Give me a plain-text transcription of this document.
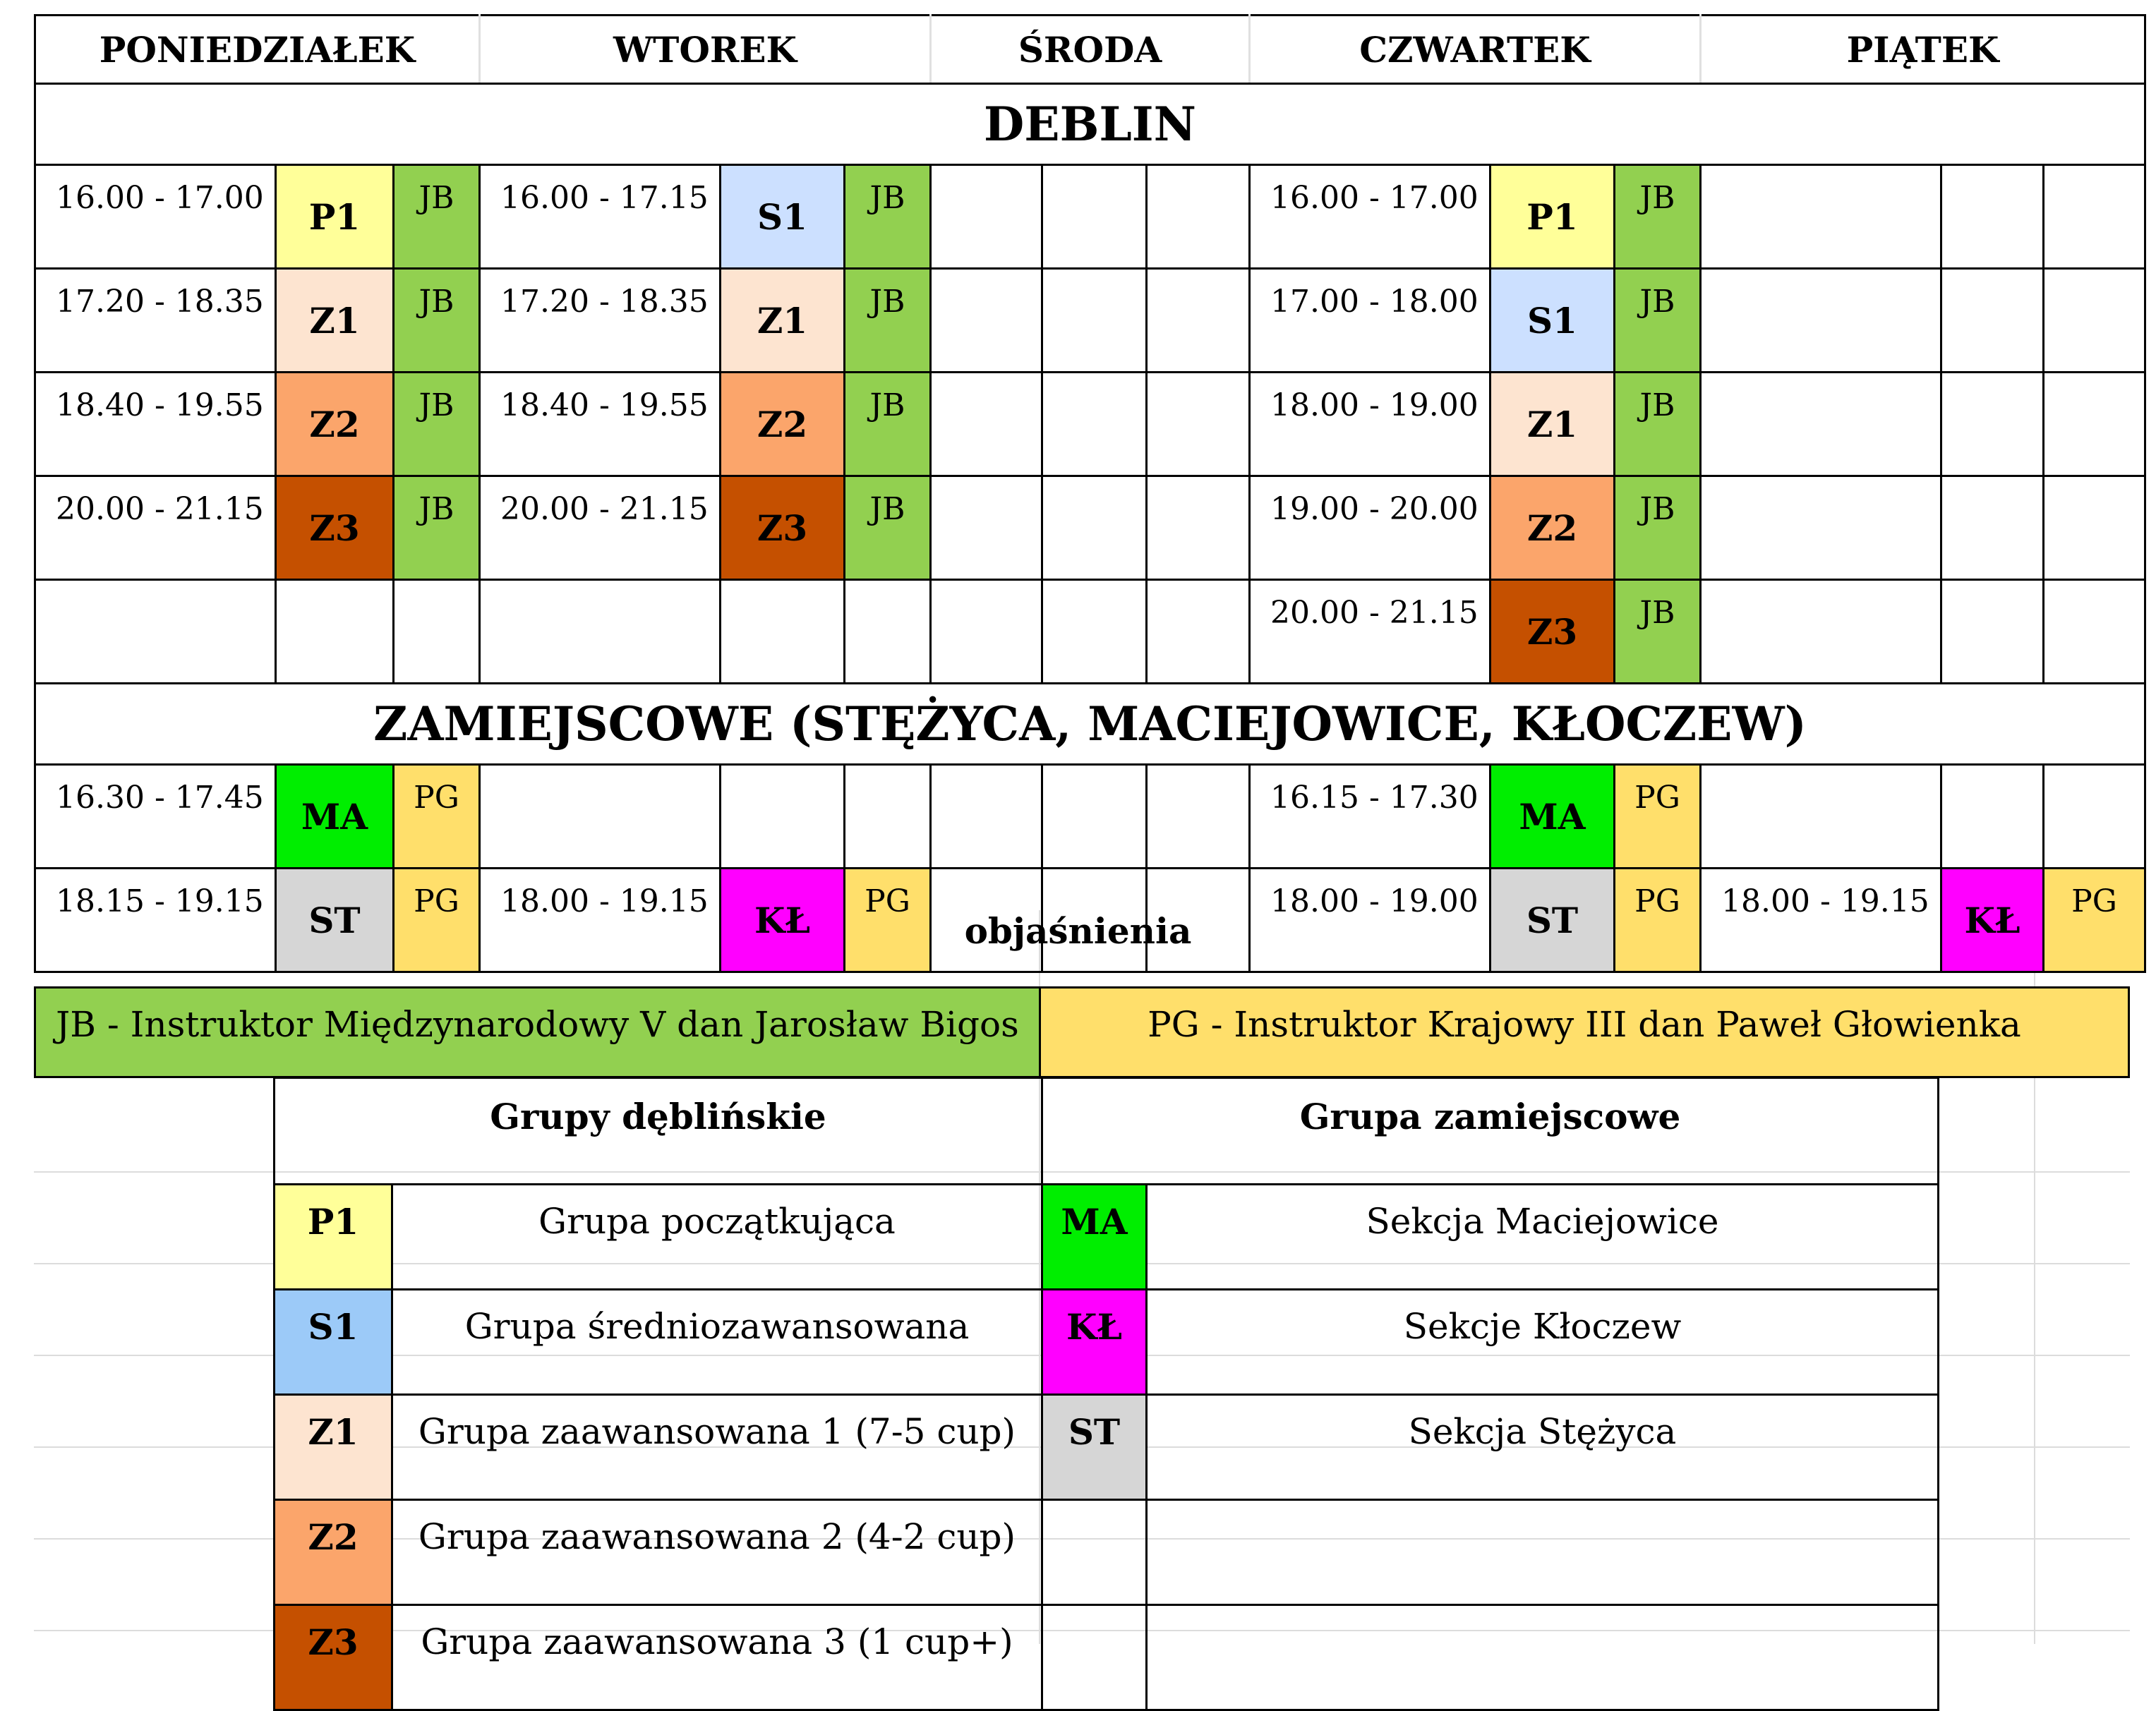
PONIEDZIAŁEK			WTOREK			ŚRODA			CZWARTEK			PIĄTEK		
DEBLIN														
16.00 - 17.00	P1	JB	16.00 - 17.15	S1	JB				16.00 - 17.00	P1	JB			
17.20 - 18.35	Z1	JB	17.20 - 18.35	Z1	JB				17.00 - 18.00	S1	JB			
18.40 - 19.55	Z2	JB	18.40 - 19.55	Z2	JB				18.00 - 19.00	Z1	JB			
20.00 - 21.15	Z3	JB	20.00 - 21.15	Z3	JB				19.00 - 20.00	Z2	JB			
									20.00 - 21.15	Z3	JB			
ZAMIEJSCOWE (STĘŻYCA, MACIEJOWICE, KŁOCZEW)														
16.30 - 17.45	MA	PG							16.15 - 17.30	MA	PG			
18.15 - 19.15	ST	PG	18.00 - 19.15	KŁ	PG				18.00 - 19.00	ST	PG	18.00 - 19.15	KŁ	PG
objaśnienia
JB - Instruktor Międzynarodowy V dan Jarosław Bigos	PG - Instruktor Krajowy III dan Paweł Głowienka
Grupy dęblińskie		Grupa zamiejscowe	
P1	Grupa początkująca	MA	Sekcja Maciejowice
S1	Grupa średniozawansowana	KŁ	Sekcje Kłoczew
Z1	Grupa zaawansowana 1 (7-5 cup)	ST	Sekcja Stężyca
Z2	Grupa zaawansowana 2 (4-2 cup)		
Z3	Grupa zaawansowana 3 (1 cup+)		
